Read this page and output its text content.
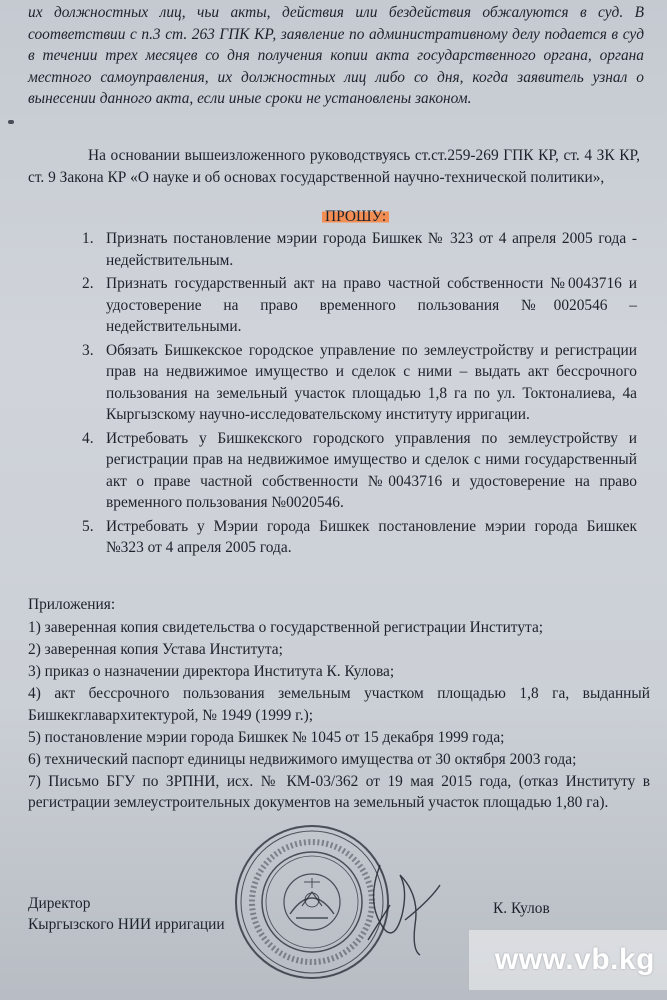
их должностных лиц, чьи акты, действия или бездействия обжалуются в суд. В соответствии с п.3 ст. 263 ГПК КР, заявление по административному делу подается в суд в течении трех месяцев со дня получения копии акта государственного органа, органа местного самоуправления, их должностных лиц либо со дня, когда заявитель узнал о вынесении данного акта, если иные сроки не установлены законом.
На основании вышеизложенного руководствуясь ст.ст.259-269 ГПК КР, ст. 4 ЗК КР, ст. 9 Закона КР «О науке и об основах государственной научно-технической политики»,
ПРОШУ:
1. Признать постановление мэрии города Бишкек № 323 от 4 апреля 2005 года - недействительным.
2. Признать государственный акт на право частной собственности №0043716 и удостоверение на право временного пользования №0020546 – недействительными.
3. Обязать Бишкекское городское управление по землеустройству и регистрации прав на недвижимое имущество и сделок с ними – выдать акт бессрочного пользования на земельный участок площадью 1,8 га по ул. Токтоналиева, 4а Кыргызскому научно-исследовательскому институту ирригации.
4. Истребовать у Бишкекского городского управления по землеустройству и регистрации прав на недвижимое имущество и сделок с ними государственный акт о праве частной собственности №0043716 и удостоверение на право временного пользования №0020546.
5. Истребовать у Мэрии города Бишкек постановление мэрии города Бишкек №323 от 4 апреля 2005 года.
Приложения:
1) заверенная копия свидетельства о государственной регистрации Института;
2) заверенная копия Устава Института;
3) приказ о назначении директора Института К. Кулова;
4) акт бессрочного пользования земельным участком площадью 1,8 га, выданный Бишкекглавархитектурой, № 1949 (1999 г.);
5) постановление мэрии города Бишкек № 1045 от 15 декабря 1999 года;
6) технический паспорт единицы недвижимого имущества от 30 октября 2003 года;
7) Письмо БГУ по ЗРПНИ, исх. № КМ-03/362 от 19 мая 2015 года, (отказ Институту в регистрации землеустроительных документов на земельный участок площадью 1,80 га).
Директор
Кыргызского НИИ ирригации
К. Кулов
www.vb.kg
